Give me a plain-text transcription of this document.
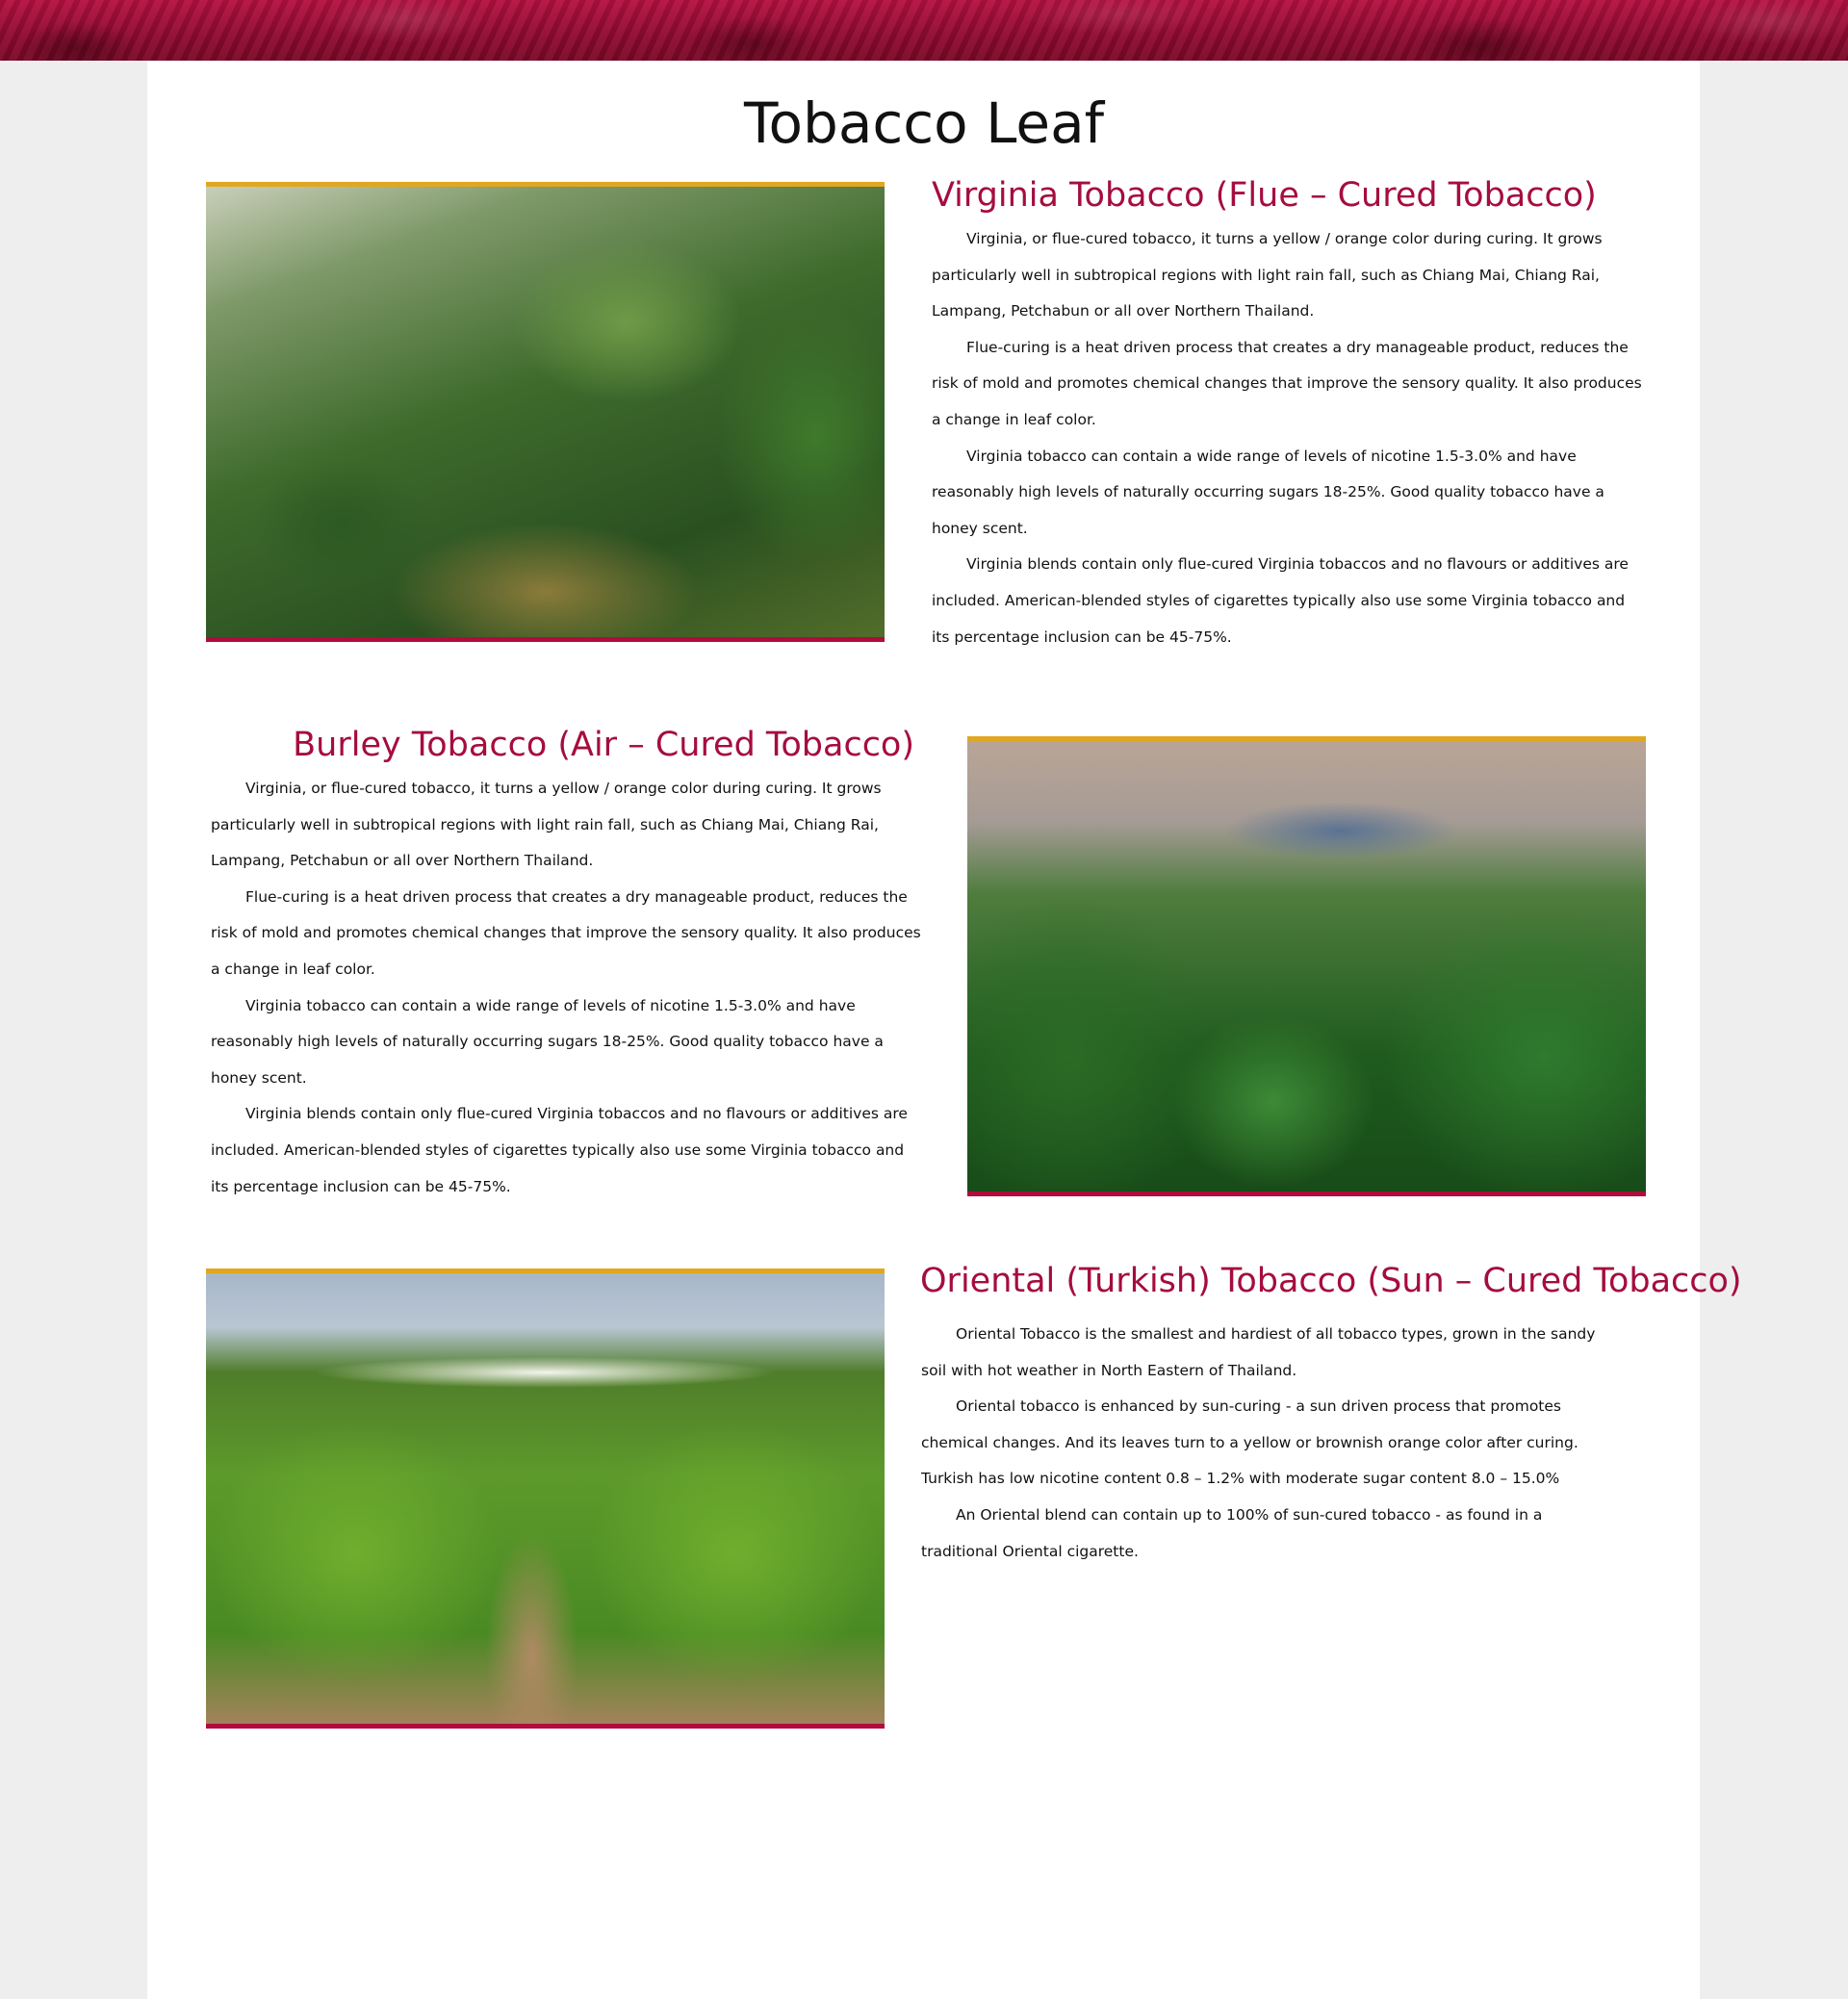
Tobacco Leaf
Virginia Tobacco (Flue – Cured Tobacco)

Virginia, or flue-cured tobacco, it turns a yellow / orange color during curing. It grows particularly well in subtropical regions with light rain fall, such as Chiang Mai, Chiang Rai, Lampang, Petchabun or all over Northern Thailand.

Flue-curing is a heat driven process that creates a dry manageable product, reduces the risk of mold and promotes chemical changes that improve the sensory quality. It also produces a change in leaf color.

Virginia tobacco can contain a wide range of levels of nicotine 1.5-3.0% and have reasonably high levels of naturally occurring sugars 18-25%. Good quality tobacco have a honey scent.

Virginia blends contain only flue-cured Virginia tobaccos and no flavours or additives are included. American-blended styles of cigarettes typically also use some Virginia tobacco and its percentage inclusion can be 45-75%.

Burley Tobacco (Air – Cured Tobacco)

Virginia, or flue-cured tobacco, it turns a yellow / orange color during curing. It grows particularly well in subtropical regions with light rain fall, such as Chiang Mai, Chiang Rai, Lampang, Petchabun or all over Northern Thailand.

Flue-curing is a heat driven process that creates a dry manageable product, reduces the risk of mold and promotes chemical changes that improve the sensory quality. It also produces a change in leaf color.

Virginia tobacco can contain a wide range of levels of nicotine 1.5-3.0% and have reasonably high levels of naturally occurring sugars 18-25%. Good quality tobacco have a honey scent.

Virginia blends contain only flue-cured Virginia tobaccos and no flavours or additives are included. American-blended styles of cigarettes typically also use some Virginia tobacco and its percentage inclusion can be 45-75%.

Oriental (Turkish) Tobacco (Sun – Cured Tobacco)

Oriental Tobacco is the smallest and hardiest of all tobacco types, grown in the sandy soil with hot weather in North Eastern of Thailand.

Oriental tobacco is enhanced by sun-curing - a sun driven process that promotes chemical changes. And its leaves turn to a yellow or brownish orange color after curing. Turkish has low nicotine content 0.8 – 1.2% with moderate sugar content 8.0 – 15.0%

An Oriental blend can contain up to 100% of sun-cured tobacco - as found in a traditional Oriental cigarette.
